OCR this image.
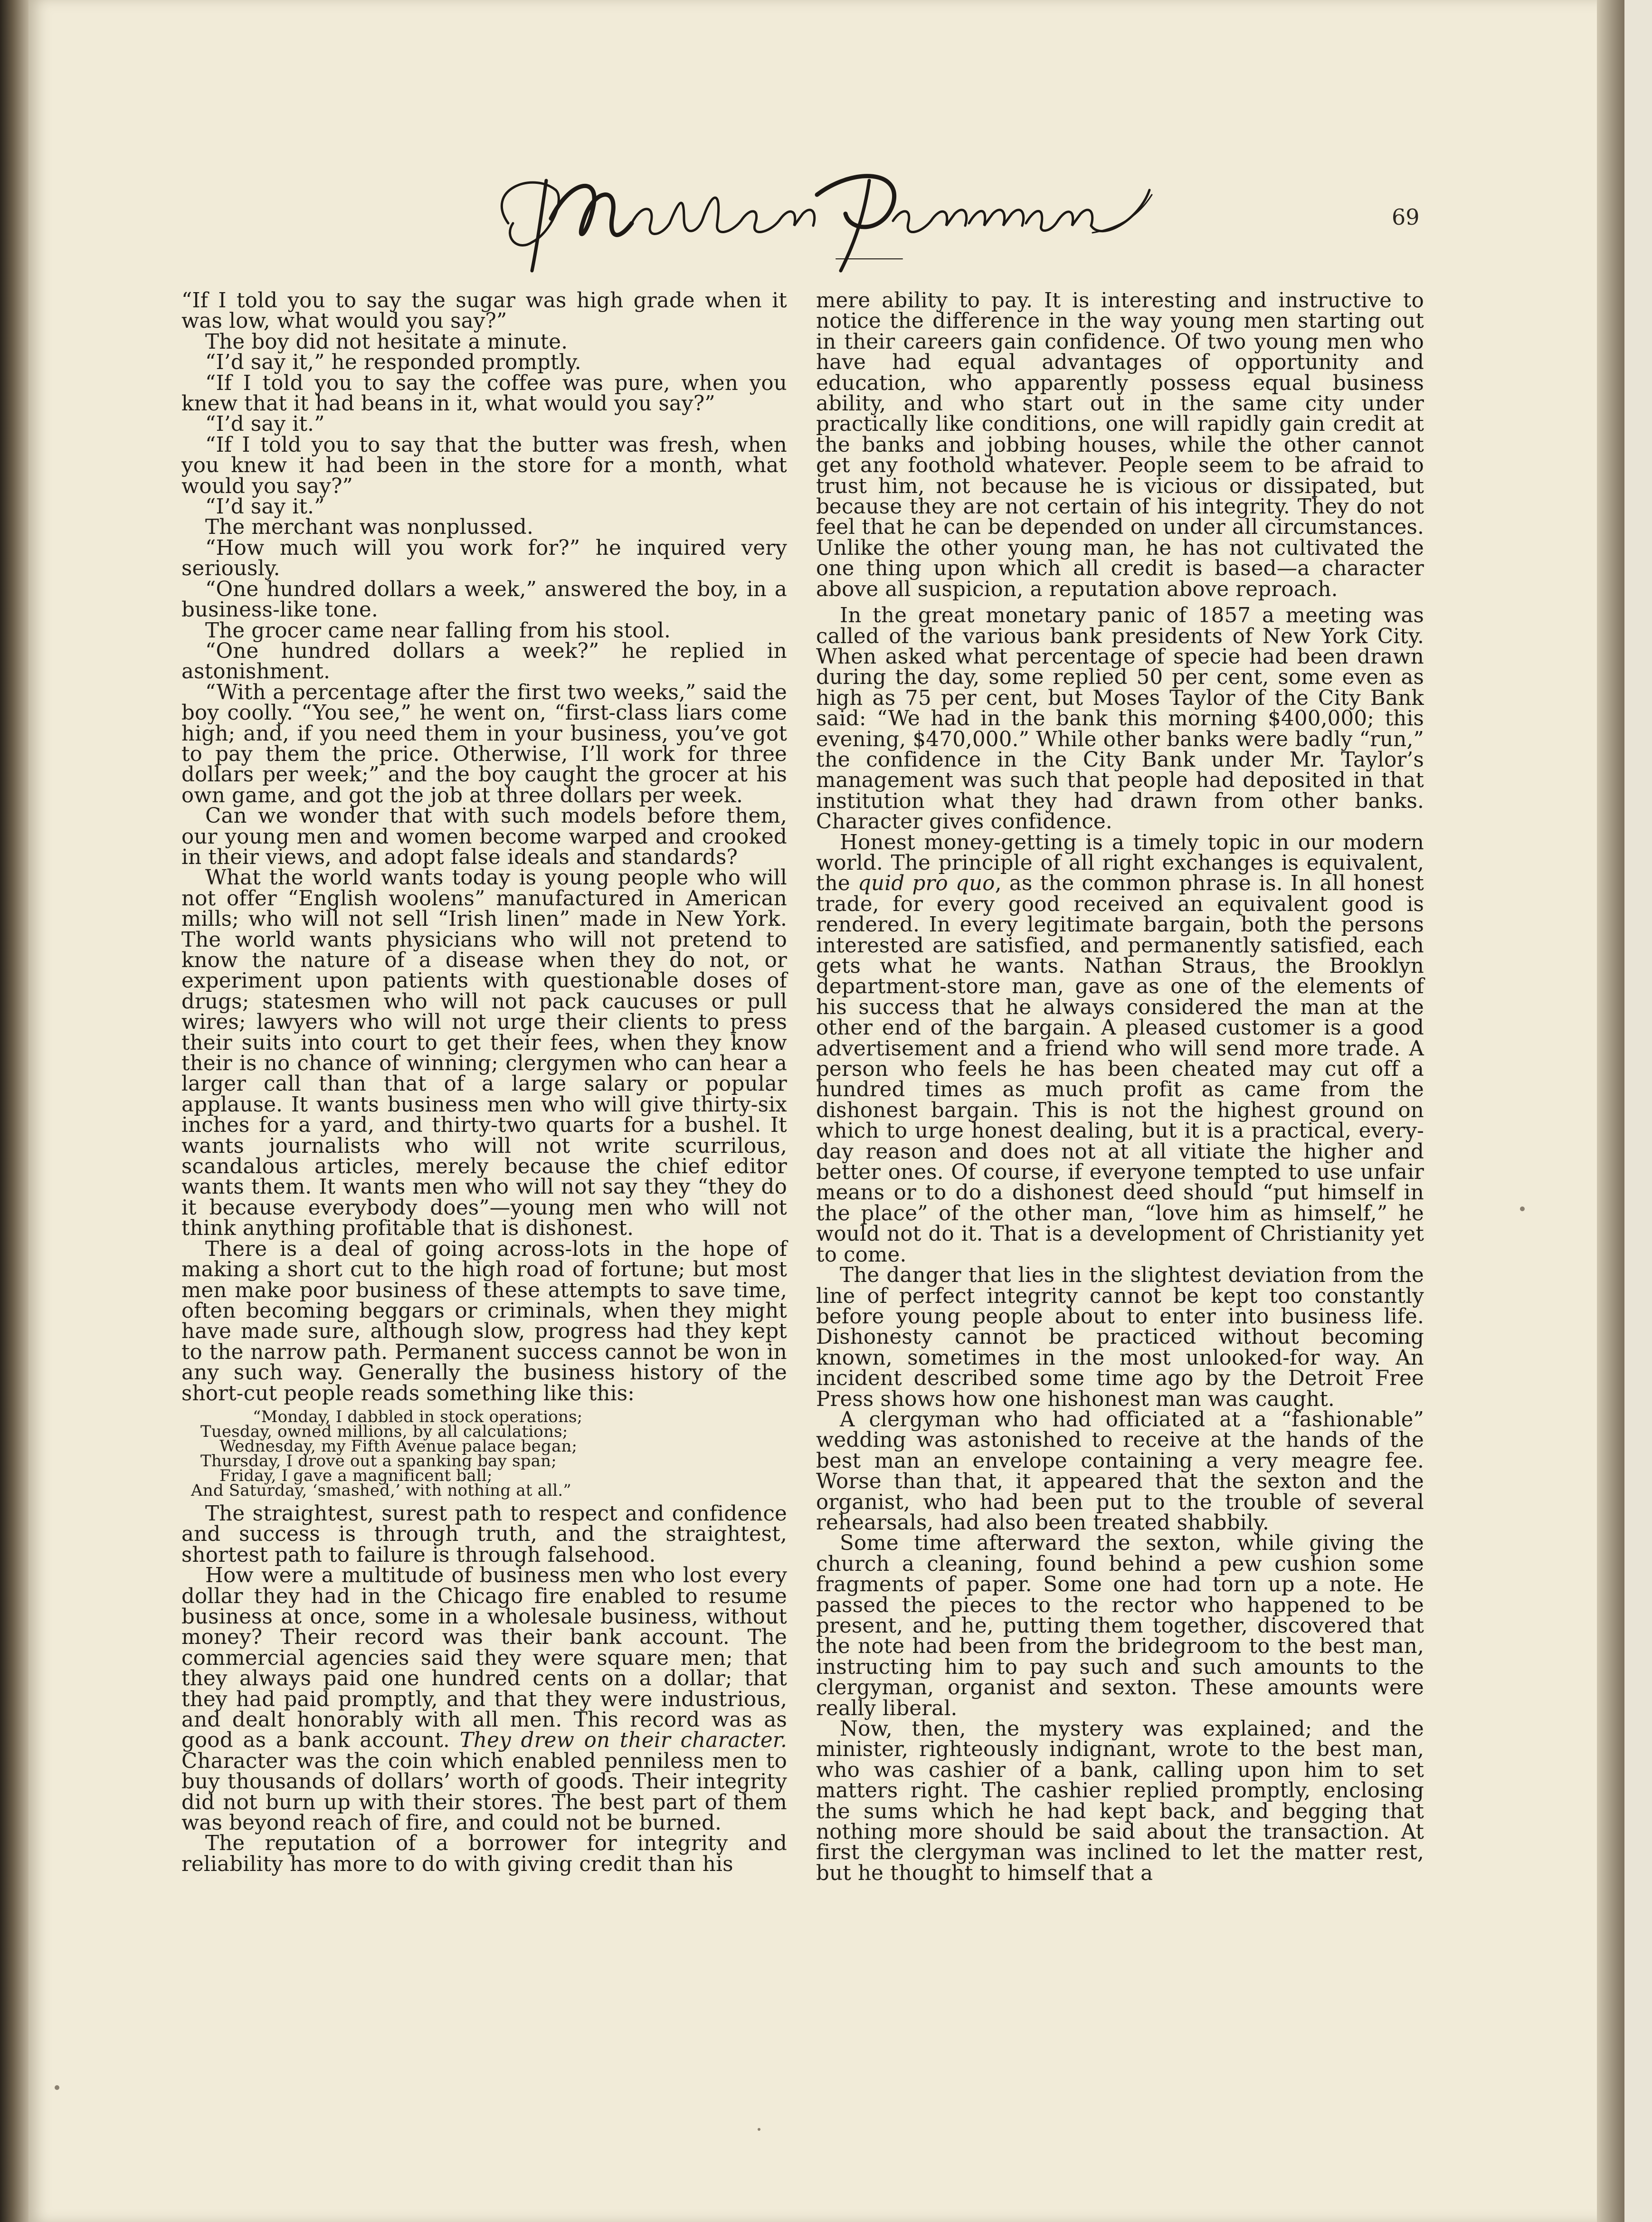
69

“If I told you to say the sugar was high grade when it was low, what would you say?”

The boy did not hesitate a minute.

“I’d say it,” he responded promptly.

“If I told you to say the coffee was pure, when you knew that it had beans in it, what would you say?”

“I’d say it.”

“If I told you to say that the butter was fresh, when you knew it had been in the store for a month, what would you say?”

“I’d say it.”

The merchant was nonplussed.

“How much will you work for?” he inquired very seriously.

“One hundred dollars a week,” answered the boy, in a business-like tone.

The grocer came near falling from his stool.

“One hundred dollars a week?” he replied in astonishment.

“With a percentage after the first two weeks,” said the boy coolly. “You see,” he went on, “first-class liars come high; and, if you need them in your business, you’ve got to pay them the price. Otherwise, I’ll work for three dollars per week;” and the boy caught the grocer at his own game, and got the job at three dollars per week.

Can we wonder that with such models before them, our young men and women become warped and crooked in their views, and adopt false ideals and standards?

What the world wants today is young people who will not offer “English woolens” manufactured in American mills; who will not sell “Irish linen” made in New York. The world wants physicians who will not pretend to know the nature of a disease when they do not, or experiment upon patients with questionable doses of drugs; statesmen who will not pack caucuses or pull wires; lawyers who will not urge their clients to press their suits into court to get their fees, when they know their is no chance of winning; clergymen who can hear a larger call than that of a large salary or popular applause. It wants business men who will give thirty-six inches for a yard, and thirty-two quarts for a bushel. It wants journalists who will not write scurrilous, scandalous articles, merely because the chief editor wants them. It wants men who will not say they “they do it because everybody does”—young men who will not think anything profitable that is dishonest.

There is a deal of going across-lots in the hope of making a short cut to the high road of fortune; but most men make poor business of these attempts to save time, often becoming beggars or criminals, when they might have made sure, although slow, progress had they kept to the narrow path. Permanent success cannot be won in any such way. Generally the business history of the short-cut people reads something like this:

“Monday, I dabbled in stock operations;
Tuesday, owned millions, by all calculations;
Wednesday, my Fifth Avenue palace began;
Thursday, I drove out a spanking bay span;
Friday, I gave a magnificent ball;
And Saturday, ‘smashed,’ with nothing at all.”

The straightest, surest path to respect and confidence and success is through truth, and the straightest, shortest path to failure is through falsehood.

How were a multitude of business men who lost every dollar they had in the Chicago fire enabled to resume business at once, some in a wholesale business, without money? Their record was their bank account. The commercial agencies said they were square men; that they always paid one hundred cents on a dollar; that they had paid promptly, and that they were industrious, and dealt honorably with all men. This record was as good as a bank account. They drew on their character. Character was the coin which enabled penniless men to buy thousands of dollars’ worth of goods. Their integrity did not burn up with their stores. The best part of them was beyond reach of fire, and could not be burned.

The reputation of a borrower for integrity and reliability has more to do with giving credit than his

mere ability to pay. It is interesting and instructive to notice the difference in the way young men starting out in their careers gain confidence. Of two young men who have had equal advantages of opportunity and education, who apparently possess equal business ability, and who start out in the same city under practically like conditions, one will rapidly gain credit at the banks and jobbing houses, while the other cannot get any foothold whatever. People seem to be afraid to trust him, not because he is vicious or dissipated, but because they are not certain of his integrity. They do not feel that he can be depended on under all circumstances. Unlike the other young man, he has not cultivated the one thing upon which all credit is based—a character above all suspicion, a reputation above reproach.

In the great monetary panic of 1857 a meeting was called of the various bank presidents of New York City. When asked what percentage of specie had been drawn during the day, some replied 50 per cent, some even as high as 75 per cent, but Moses Taylor of the City Bank said: “We had in the bank this morning $400,000; this evening, $470,000.” While other banks were badly “run,” the confidence in the City Bank under Mr. Taylor’s management was such that people had deposited in that institution what they had drawn from other banks. Character gives confidence.

Honest money-getting is a timely topic in our modern world. The principle of all right exchanges is equivalent, the quid pro quo, as the common phrase is. In all honest trade, for every good received an equivalent good is rendered. In every legitimate bargain, both the persons interested are satisfied, and permanently satisfied, each gets what he wants. Nathan Straus, the Brooklyn department-store man, gave as one of the elements of his success that he always considered the man at the other end of the bargain. A pleased customer is a good advertisement and a friend who will send more trade. A person who feels he has been cheated may cut off a hundred times as much profit as came from the dishonest bargain. This is not the highest ground on which to urge honest dealing, but it is a practical, every-day reason and does not at all vitiate the higher and better ones. Of course, if everyone tempted to use unfair means or to do a dishonest deed should “put himself in the place” of the other man, “love him as himself,” he would not do it. That is a development of Christianity yet to come.

The danger that lies in the slightest deviation from the line of perfect integrity cannot be kept too constantly before young people about to enter into business life. Dishonesty cannot be practiced without becoming known, sometimes in the most unlooked-for way. An incident described some time ago by the Detroit Free Press shows how one hishonest man was caught.

A clergyman who had officiated at a “fashionable” wedding was astonished to receive at the hands of the best man an envelope containing a very meagre fee. Worse than that, it appeared that the sexton and the organist, who had been put to the trouble of several rehearsals, had also been treated shabbily.

Some time afterward the sexton, while giving the church a cleaning, found behind a pew cushion some fragments of paper. Some one had torn up a note. He passed the pieces to the rector who happened to be present, and he, putting them together, discovered that the note had been from the bridegroom to the best man, instructing him to pay such and such amounts to the clergyman, organist and sexton. These amounts were really liberal.

Now, then, the mystery was explained; and the minister, righteously indignant, wrote to the best man, who was cashier of a bank, calling upon him to set matters right. The cashier replied promptly, enclosing the sums which he had kept back, and begging that nothing more should be said about the transaction. At first the clergyman was inclined to let the matter rest, but he thought to himself that a
